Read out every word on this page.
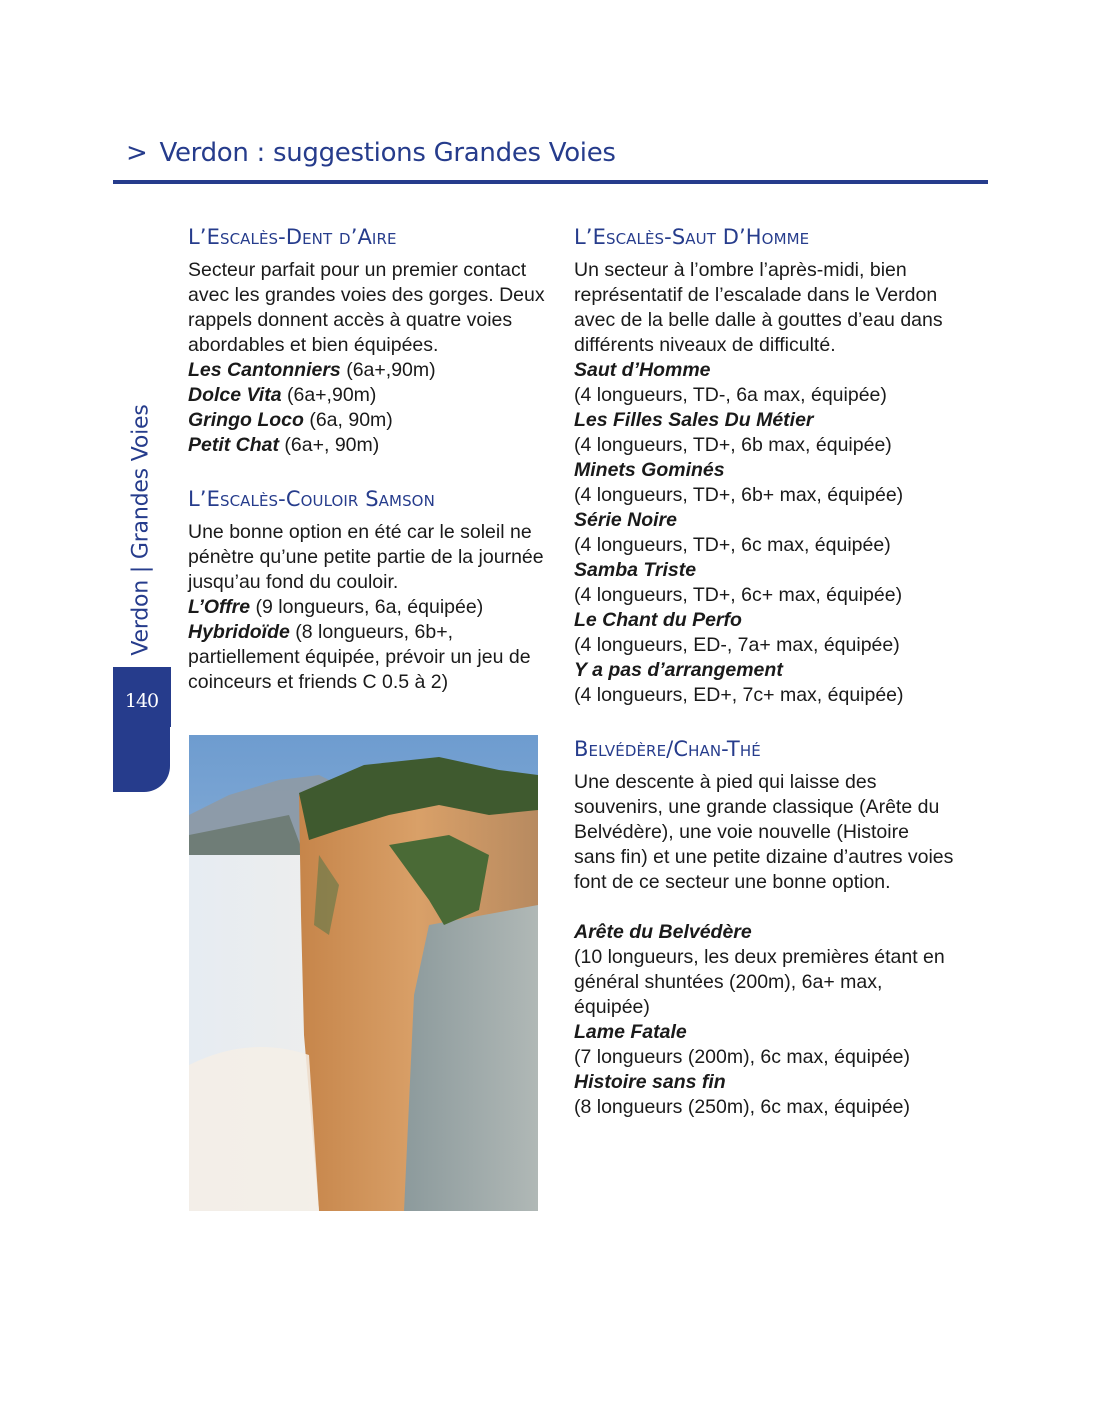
> Verdon : suggestions Grandes Voies
Verdon | Grandes Voies
140
L’Escalès-Dent d’Aire

Secteur parfait pour un premier contact avec les grandes voies des gorges. Deux rappels donnent accès à quatre voies abordables et bien équipées.

Les Cantonniers (6a+,90m)

Dolce Vita (6a+,90m)

Gringo Loco (6a, 90m)

Petit Chat (6a+, 90m)

L’Escalès-Couloir Samson

Une bonne option en été car le soleil ne pénètre qu’une petite partie de la journée jusqu’au fond du couloir.

L’Offre (9 longueurs, 6a, équipée)

Hybridoïde (8 longueurs, 6b+, partiellement équipée, prévoir un jeu de coinceurs et friends C 0.5 à 2)

L’Escalès-Saut D’Homme

Un secteur à l’ombre l’après-midi, bien représentatif de l’escalade dans le Verdon avec de la belle dalle à gouttes d’eau dans différents niveaux de difficulté.

Saut d’Homme
(4 longueurs, TD-, 6a max, équipée)

Les Filles Sales Du Métier
(4 longueurs, TD+, 6b max, équipée)

Minets Gominés
(4 longueurs, TD+, 6b+ max, équipée)

Série Noire
(4 longueurs, TD+, 6c max, équipée)

Samba Triste
(4 longueurs, TD+, 6c+ max, équipée)

Le Chant du Perfo
(4 longueurs, ED-, 7a+ max, équipée)

Y a pas d’arrangement
(4 longueurs, ED+, 7c+ max, équipée)

Belvédère/Chan-Thé

Une descente à pied qui laisse des souvenirs, une grande classique (Arête du Belvédère), une voie nouvelle (Histoire sans fin) et une petite dizaine d’autres voies font de ce secteur une bonne option.

Arête du Belvédère
(10 longueurs, les deux premières étant en général shuntées (200m), 6a+ max, équipée)

Lame Fatale
(7 longueurs (200m), 6c max, équipée)

Histoire sans fin
(8 longueurs (250m), 6c max, équipée)
